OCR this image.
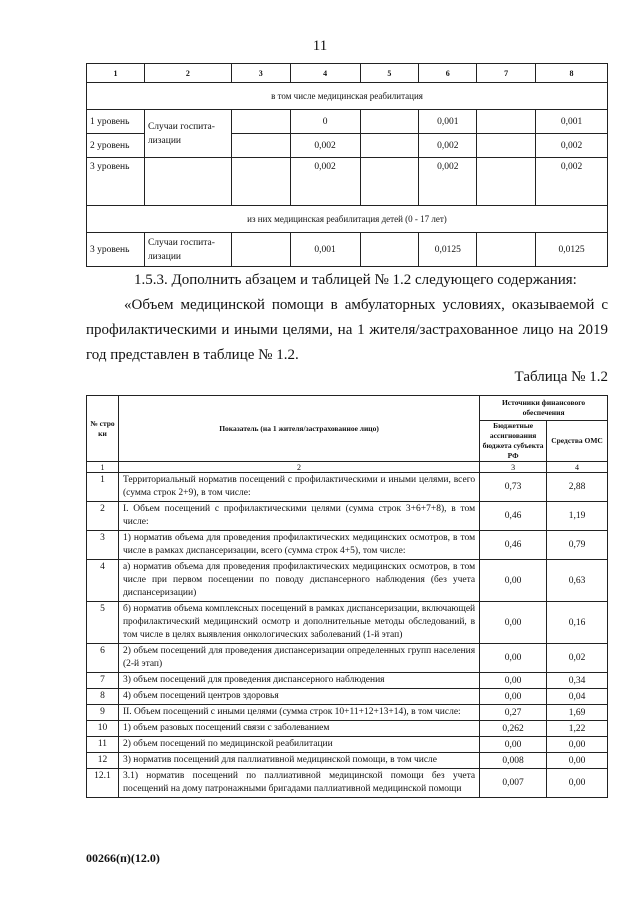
11
1	2	3	4	5	6	7	8
в том числе медицинская реабилитация							
1 уровень	Случаи госпита-лизации		0		0,001		0,001
2 уровень			0,002		0,002		0,002
3 уровень			0,002		0,002		0,002
из них медицинская реабилитация детей (0 - 17 лет)							
3 уровень	Случаи госпита-лизации		0,001		0,0125		0,0125
1.5.3. Дополнить абзацем и таблицей № 1.2 следующего содержания:
«Объем медицинской помощи в амбулаторных условиях, оказываемой с профилактическими и иными целями, на 1 жителя/застрахованное лицо на 2019 год представлен в таблице № 1.2.
Таблица № 1.2
№ стро ки	Показатель (на 1 жителя/застрахованное лицо)	Источники финансового обеспечения	
		Бюджетные ассигнования бюджета субъекта РФ	Средства ОМС
1	2	3	4
1	Территориальный норматив посещений с профилактическими и иными целями, всего (сумма строк 2+9), в том числе:	0,73	2,88
2	I. Объем посещений с профилактическими целями (сумма строк 3+6+7+8), в том числе:	0,46	1,19
3	1) норматив объема для проведения профилактических медицинских осмотров, в том числе в рамках диспансеризации, всего (сумма строк 4+5), том числе:	0,46	0,79
4	а) норматив объема для проведения профилактических медицинских осмотров, в том числе при первом посещении по поводу диспансерного наблюдения (без учета диспансеризации)	0,00	0,63
5	б) норматив объема комплексных посещений в рамках диспансеризации, включающей профилактический медицинский осмотр и дополнительные методы обследований, в том числе в целях выявления онкологических заболеваний (1-й этап)	0,00	0,16
6	2) объем посещений для проведения диспансеризации определенных групп населения (2-й этап)	0,00	0,02
7	3) объем посещений для проведения диспансерного наблюдения	0,00	0,34
8	4) объем посещений центров здоровья	0,00	0,04
9	II. Объем посещений с иными целями (сумма строк 10+11+12+13+14), в том числе:	0,27	1,69
10	1) объем разовых посещений связи с заболеванием	0,262	1,22
11	2) объем посещений по медицинской реабилитации	0,00	0,00
12	3) норматив посещений для паллиативной медицинской помощи, в том числе	0,008	0,00
12.1	3.1) норматив посещений по паллиативной медицинской помощи без учета посещений на дому патронажными бригадами паллиативной медицинской помощи	0,007	0,00
00266(п)(12.0)
